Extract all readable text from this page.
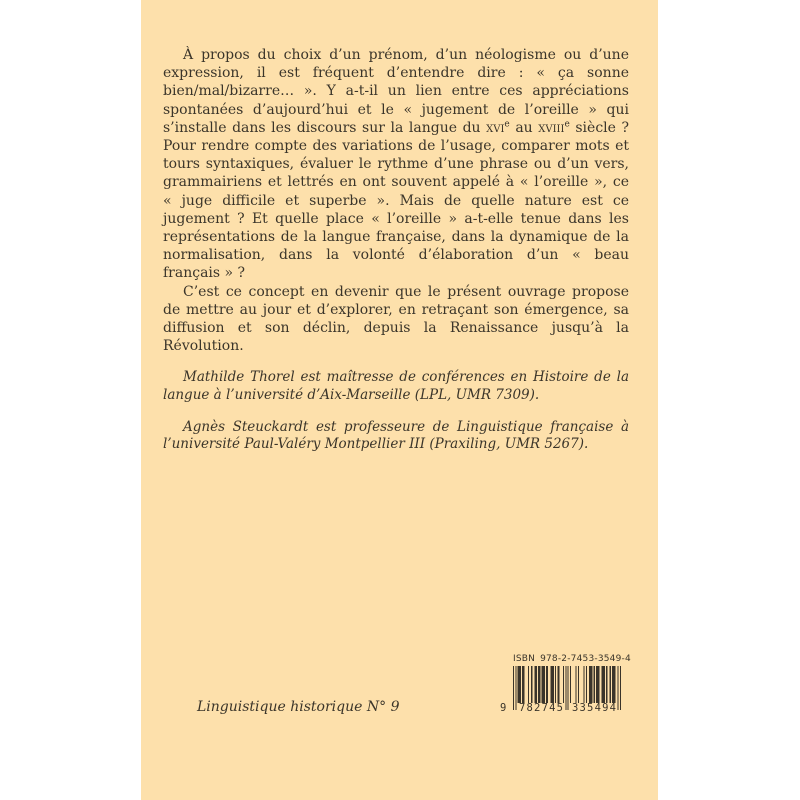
À propos du choix d’un prénom, d’un néologisme ou d’une expression, il est fréquent d’entendre dire : « ça sonne bien/mal/bizarre… ». Y a-t-il un lien entre ces appréciations spontanées d’aujourd’hui et le « jugement de l’oreille » qui s’installe dans les discours sur la langue du xvi$^e$ au xviii$^e$ siècle ? Pour rendre compte des variations de l’usage, comparer mots et tours syntaxiques, évaluer le rythme d’une phrase ou d’un vers, grammairiens et lettrés en ont souvent appelé à « l’oreille », ce « juge difficile et superbe ». Mais de quelle nature est ce jugement ? Et quelle place « l’oreille » a-t-elle tenue dans les représentations de la langue française, dans la dynamique de la normalisation, dans la volonté d’élaboration d’un « beau français » ?

C’est ce concept en devenir que le présent ouvrage propose de mettre au jour et d’explorer, en retraçant son émergence, sa diffusion et son déclin, depuis la Renaissance jusqu’à la Révolution.

Mathilde Thorel est maîtresse de conférences en Histoire de la langue à l’université d’Aix-Marseille (LPL, UMR 7309).

Agnès Steuckardt est professeure de Linguistique française à l’université Paul-Valéry Montpellier III (Praxiling, UMR 5267).

Linguistique historique N° 9
ISBN 978-2-7453-3549-4
9 782745 335494
